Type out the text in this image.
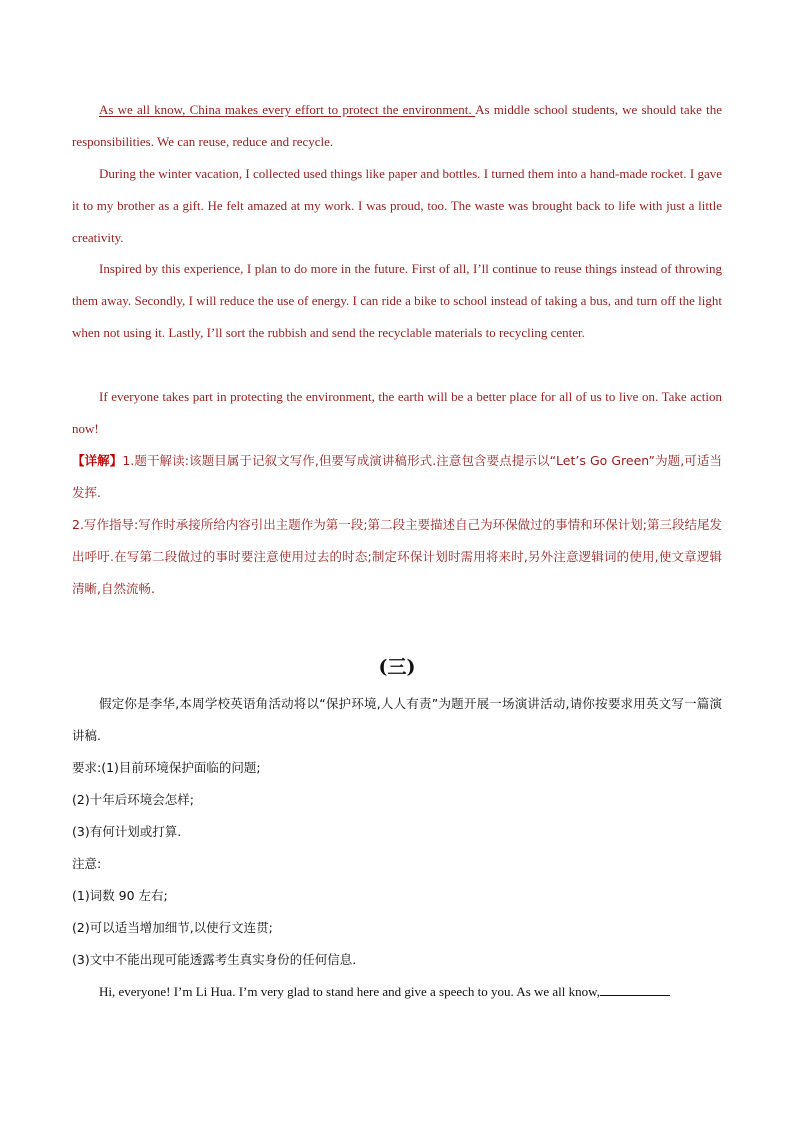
As we all know, China makes every effort to protect the environment. As middle school students, we should take the responsibilities. We can reuse, reduce and recycle.

During the winter vacation, I collected used things like paper and bottles. I turned them into a hand-made rocket. I gave it to my brother as a gift. He felt amazed at my work. I was proud, too. The waste was brought back to life with just a little creativity.

Inspired by this experience, I plan to do more in the future. First of all, I’ll continue to reuse things instead of throwing them away. Secondly, I will reduce the use of energy. I can ride a bike to school instead of taking a bus, and turn off the light when not using it. Lastly, I’ll sort the rubbish and send the recyclable materials to recycling center.

If everyone takes part in protecting the environment, the earth will be a better place for all of us to live on. Take action now!

【详解】1.题干解读:该题目属于记叙文写作,但要写成演讲稿形式.注意包含要点提示以“Let’s Go Green”为题,可适当发挥.

2.写作指导:写作时承接所给内容引出主题作为第一段;第二段主要描述自己为环保做过的事情和环保计划;第三段结尾发出呼吁.在写第二段做过的事时要注意使用过去的时态;制定环保计划时需用将来时,另外注意逻辑词的使用,使文章逻辑清晰,自然流畅.

(三)

假定你是李华,本周学校英语角活动将以“保护环境,人人有责”为题开展一场演讲活动,请你按要求用英文写一篇演讲稿.

要求:(1)目前环境保护面临的问题;

(2)十年后环境会怎样;

(3)有何计划或打算.

注意:

(1)词数 90 左右;

(2)可以适当增加细节,以使行文连贯;

(3)文中不能出现可能透露考生真实身份的任何信息.

Hi, everyone! I’m Li Hua. I’m very glad to stand here and give a speech to you. As we all know,
